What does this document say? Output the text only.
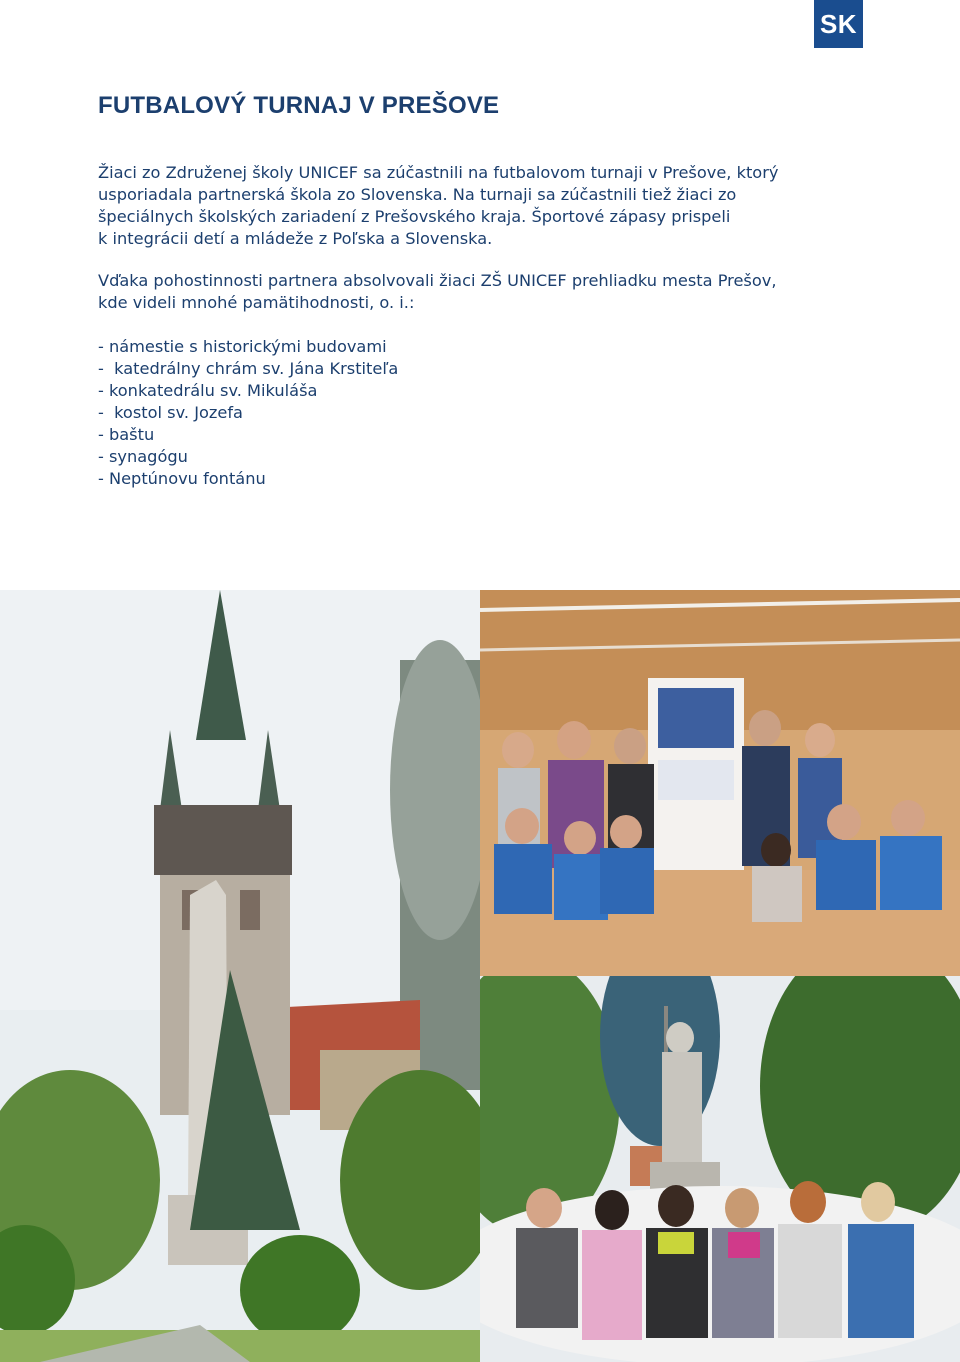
SK
FUTBALOVÝ TURNAJ V PREŠOVE

Žiaci zo Združenej školy UNICEF sa zúčastnili na futbalovom turnaji v Prešove, ktorý

usporiadala partnerská škola zo Slovenska. Na turnaji sa zúčastnili tiež žiaci zo

špeciálnych školských zariadení z Prešovského kraja. Športové zápasy prispeli

k integrácii detí a mládeže z Poľska a Slovenska.

Vďaka pohostinnosti partnera absolvovali žiaci ZŠ UNICEF prehliadku mesta Prešov,

kde videli mnohé pamätihodnosti, o. i.:

- námestie s historickými budovami
-  katedrálny chrám sv. Jána Krstiteľa
- konkatedrálu sv. Mikuláša
-  kostol sv. Jozefa
- baštu
- synagógu
- Neptúnovu fontánu
